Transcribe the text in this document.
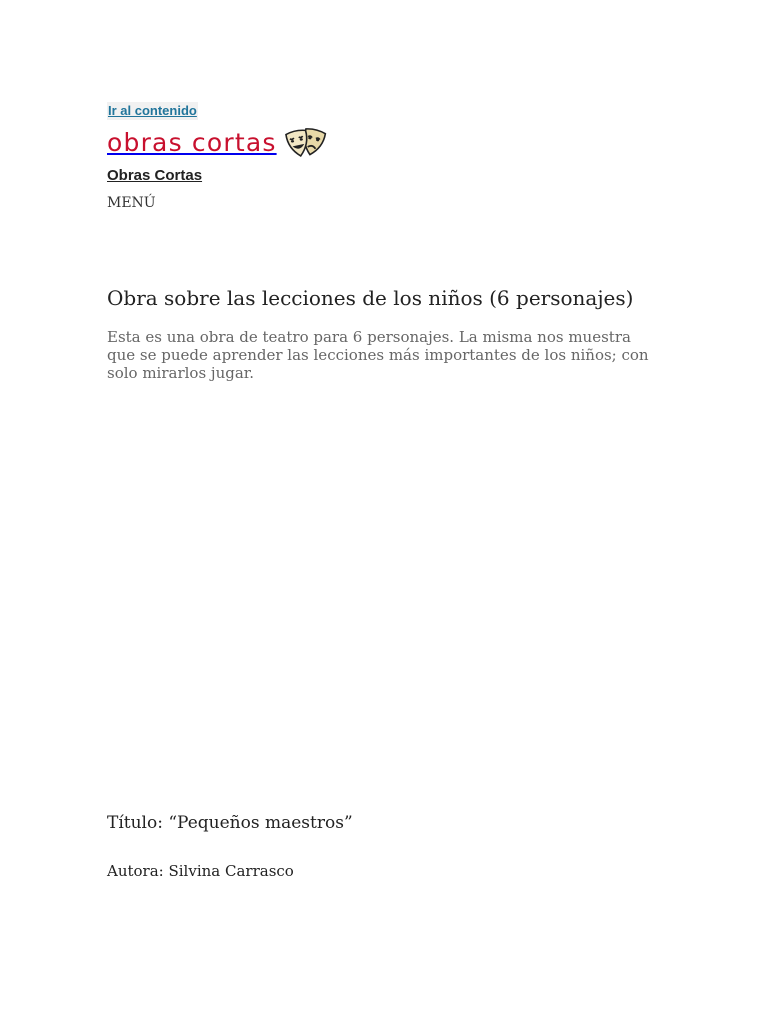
Ir al contenido
obras cortas
Obras Cortas
MENÚ
Obra sobre las lecciones de los niños (6 personajes)

Esta es una obra de teatro para 6 personajes. La misma nos muestra que se puede aprender las lecciones más importantes de los niños; con solo mirarlos jugar.

Título: “Pequeños maestros”

Autora: Silvina Carrasco
